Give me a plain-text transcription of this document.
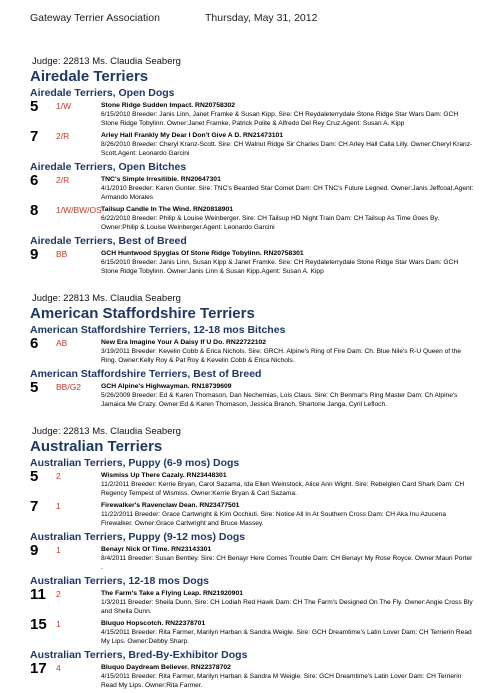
Gateway Terrier Association	Thursday, May 31, 2012
Judge: 22813 Ms. Claudia Seaberg
Airedale Terriers
Airedale Terriers, Open Dogs
5	1/W	Stone Ridge Sudden Impact. RN20758302
6/15/2010 Breeder: Janis Linn, Janet Framke & Susan Kipp. Sire: CH Reydaleterrydale Stone Ridge Star Wars Dam: GCH Stone Ridge Tobylinn. Owner:Janet Framke, Patrick Polite & Alfredo Del Rey Cruz.Agent: Susan A. Kipp
7	2/R	Arley Hall Frankly My Dear I Don't Give A D. RN21473101
8/26/2010 Breeder: Cheryl Kranz-Scott. Sire: CH Walnut Ridge Sir Charles Dam: CH Arley Hall Calla Lilly. Owner:Cheryl Kranz-Scott.Agent: Leonardo Garcini
Airedale Terriers, Open Bitches
6	2/R	TNC's Simple Irresitible. RN20647301
4/1/2010 Breeder: Karen Gunter. Sire: TNC's Bearded Star Comet Dam: CH TNC's Future Legned. Owner:Janis Jeffcoat.Agent: Armando Morales
8	1/W/BW/OS Tailsup Candle In The Wind. RN20818901
6/22/2010 Breeder: Philip & Louise Weinberger. Sire: CH Tailsup HD Night Train Dam: CH Tailsup As Time Goes By. Owner:Philip & Louise Weinberger.Agent: Leonardo Garcini
Airedale Terriers, Best of Breed
9	BB	GCH Huntwood Spyglas Of Stone Ridge Tobylinn. RN20758301
6/15/2010 Breeder: Janis Linn, Susan Kipp & Janet Framke. Sire: CH Reydaleterrydale Stone Ridge Star Wars Dam: GCH Stone Ridge Tobylinn. Owner:Janis Linn & Susan Kipp.Agent: Susan A. Kipp
Judge: 22813 Ms. Claudia Seaberg
American Staffordshire Terriers
American Staffordshire Terriers, 12-18 mos Bitches
6	AB	New Era Imagine Your A Daisy If U Do. RN22722102
3/19/2011 Breeder: Kevelin Cobb & Erica Nichols. Sire: GRCH. Alpine's Ring of Fire Dam: Ch. Blue Nile's R-U Queen of the Ring. Owner:Kelly Roy & Pat Roy & Kevelin Cobb & Erica Nichols.
American Staffordshire Terriers, Best of Breed
5	BB/G2	GCH Alpine's Highwayman. RN18739609
5/26/2009 Breeder: Ed & Karen Thomason, Dan Nechemias, Lois Claus. Sire: Ch Benmar's Ring Master Dam: Ch Alpine's Jamaica Me Crazy. Owner:Ed & Karen Thomason, Jessica Branch, Shartone Janga, Cyril Lefloch.
Judge: 22813 Ms. Claudia Seaberg
Australian Terriers
Australian Terriers, Puppy (6-9 mos) Dogs
5	2	Wismiss Up There Cazaly. RN23448301
11/2/2011 Breeder: Kerrie Bryan, Carol Sazama, Ida Ellen Weinstock, Alice Ann Wight. Sire: Rebelglen Card Shark Dam: CH Regency Tempest of Wismiss. Owner:Kerrie Bryan & Carl Sazama.
7	1	Firewalker's Ravenclaw Dean. RN23477501
11/22/2011 Breeder: Grace Cartwright & Kim Occhiuti. Sire: Notice All In At Southern Cross Dam: CH Aka Inu Azucena Firewalker. Owner:Grace Cartwright and Bruce Massey.
Australian Terriers, Puppy (9-12 mos) Dogs
9	1	Benayr Nick Of Time. RN23143301
8/4/2011 Breeder: Susan Bentley. Sire: CH Benayr Here Comes Trouble Dam: CH Benayr My Rose Royce. Owner:Mauri Porter .
Australian Terriers, 12-18 mos Dogs
11	2	The Farm's Take a Flying Leap. RN21920901
1/3/2011 Breeder: Sheila Dunn. Sire: CH Lodiah Red Hawk Dam: CH The Farm's Designed On The Fly. Owner:Angie Cross Bly and Sheila Dunn.
15	1	Bluquo Hopscotch. RN22378701
4/15/2011 Breeder: Rita Farmer, Marilyn Harban & Sandra Weigle. Sire: GCH Dreamtime's Latin Lover Dam: CH Terrierin Read My Lips. Owner:Debby Sharp.
Australian Terriers, Bred-By-Exhibitor Dogs
17	4	Bluquo Daydream Believer. RN22378702
4/15/2011 Breeder: Rita Farmer, Marilyn Harban & Sandra M Weigle. Sire: GCH Dreamtime's Latin Lover Dam: CH Terrierin Read My Lips. Owner:Rita Farmer.
